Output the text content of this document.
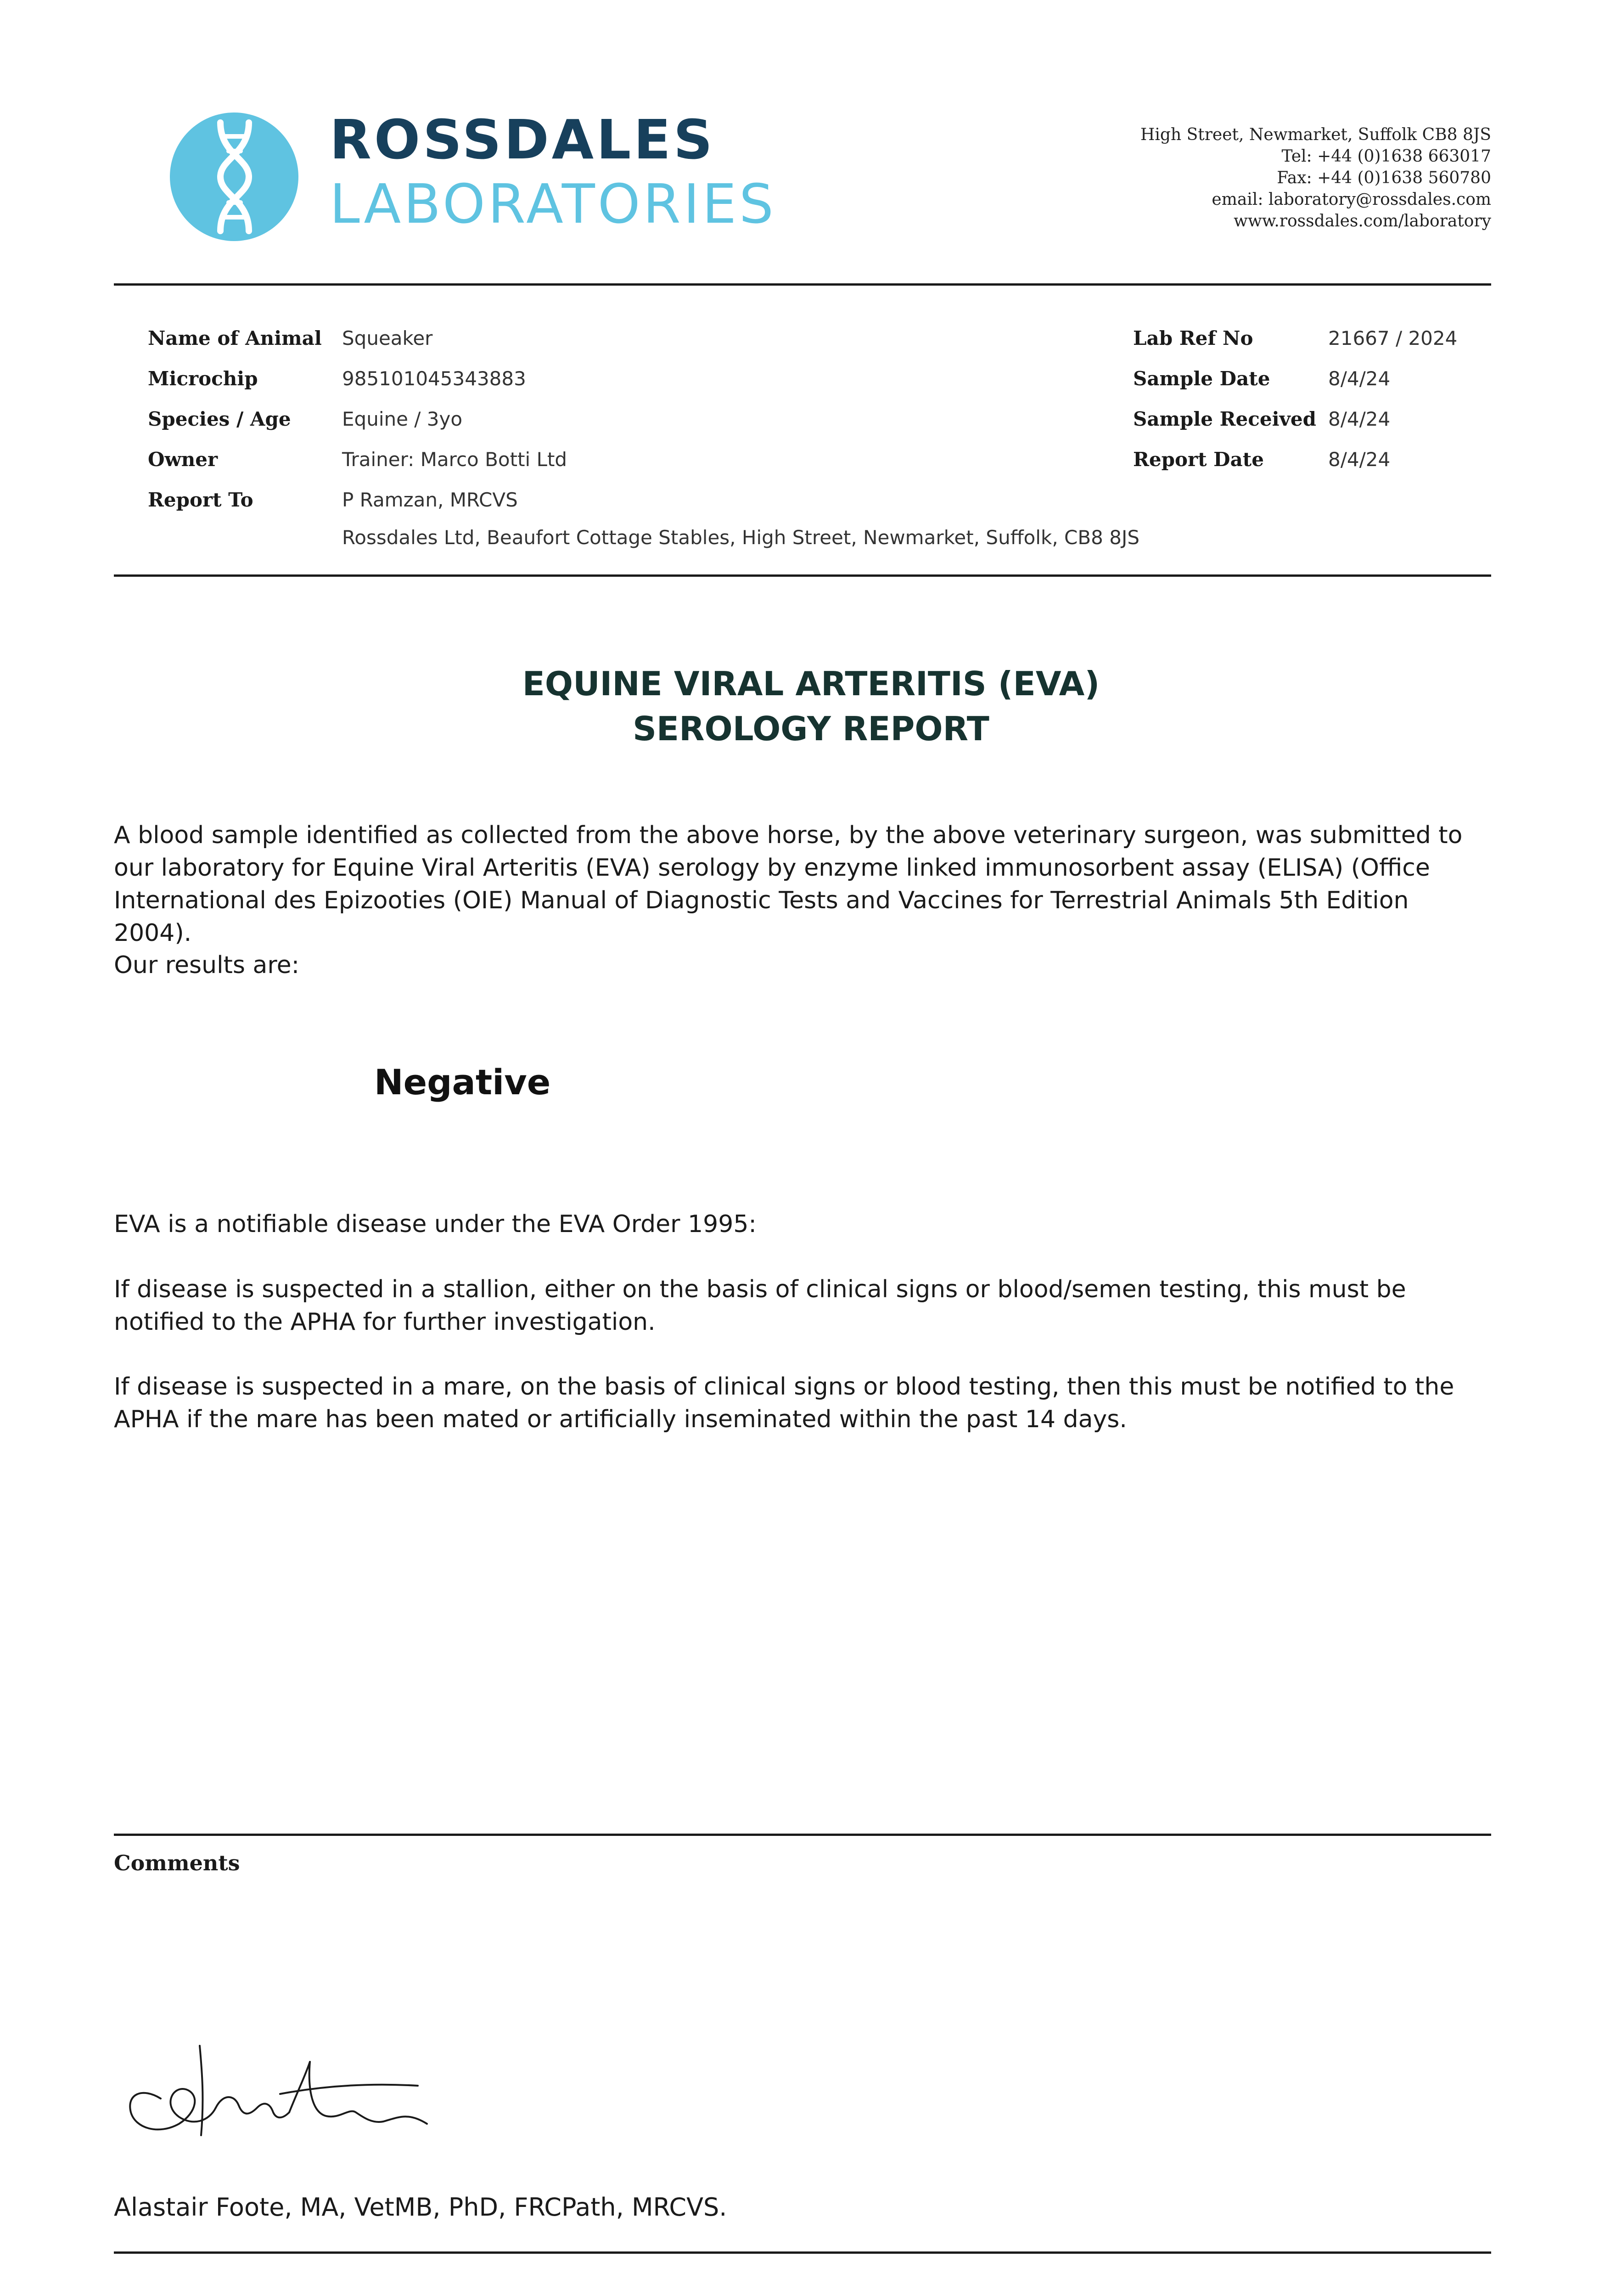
ROSSDALES
LABORATORIES
High Street, Newmarket, Suffolk CB8 8JS
Tel: +44 (0)1638 663017
Fax: +44 (0)1638 560780
email: laboratory@rossdales.com
www.rossdales.com/laboratory
Name of Animal Squeaker
Microchip	985101045343883
Species / Age	Equine / 3yo
Owner	Trainer: Marco Botti Ltd
Report To	P Ramzan, MRCVS
Rossdales Ltd, Beaufort Cottage Stables, High Street, Newmarket, Suffolk, CB8 8JS
Lab Ref No	21667 / 2024
Sample Date	8/4/24
Sample Received 8/4/24
Report Date	8/4/24
EQUINE VIRAL ARTERITIS (EVA)
SEROLOGY REPORT
A blood sample identified as collected from the above horse, by the above veterinary surgeon, was submitted to our laboratory for Equine Viral Arteritis (EVA) serology by enzyme linked immunosorbent assay (ELISA) (Office International des Epizooties (OIE) Manual of Diagnostic Tests and Vaccines for Terrestrial Animals 5th Edition 2004).
Our results are:
Negative
EVA is a notifiable disease under the EVA Order 1995:
If disease is suspected in a stallion, either on the basis of clinical signs or blood/semen testing, this must be notified to the APHA for further investigation.
If disease is suspected in a mare, on the basis of clinical signs or blood testing, then this must be notified to the APHA if the mare has been mated or artificially inseminated within the past 14 days.
Comments
Alastair Foote, MA, VetMB, PhD, FRCPath, MRCVS.
